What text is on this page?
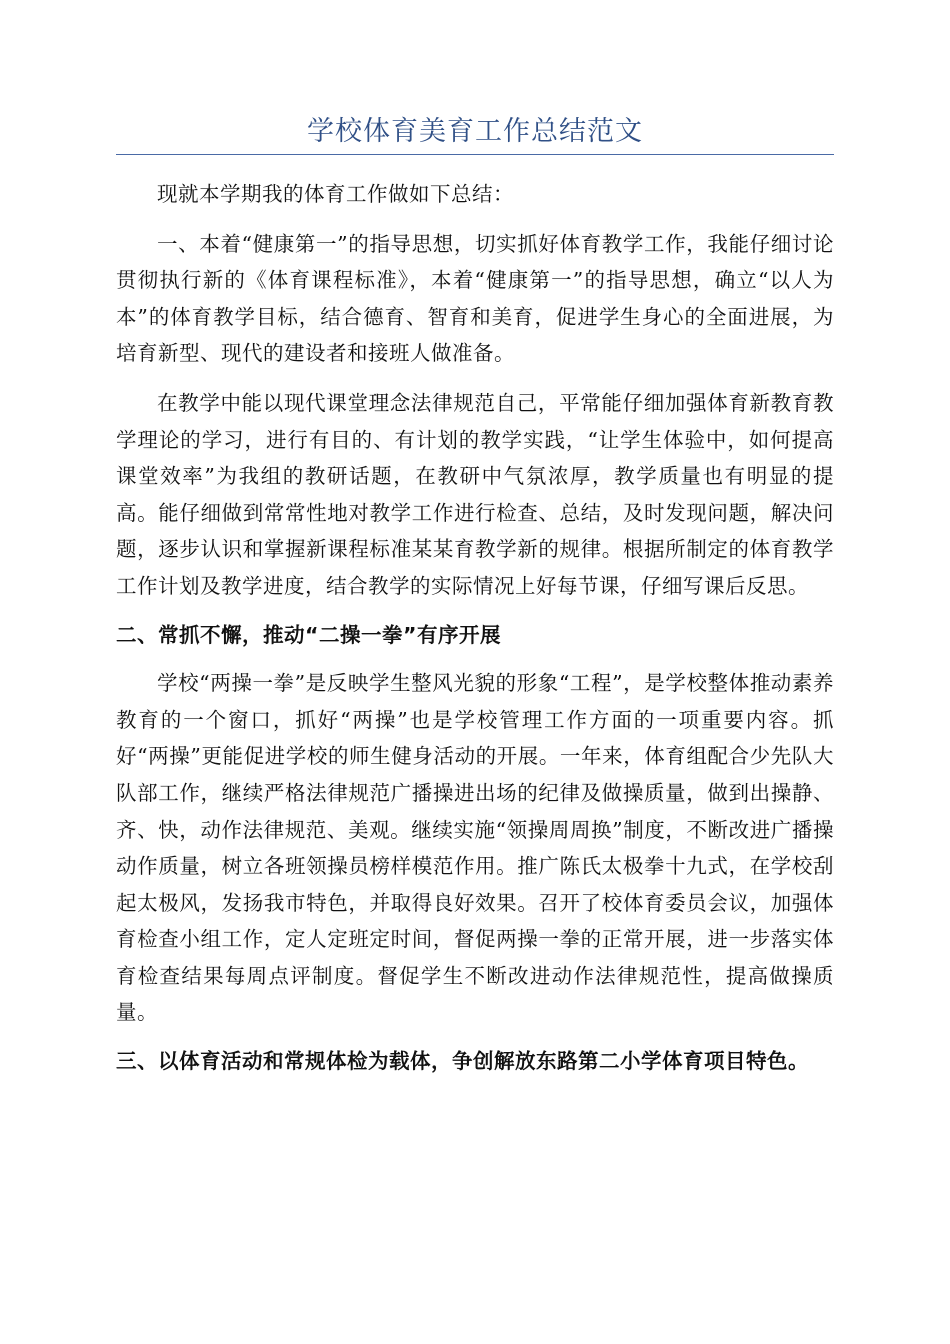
学校体育美育工作总结范文

现就本学期我的体育工作做如下总结：

一、本着“健康第一”的指导思想，切实抓好体育教学工作，我能仔细讨论贯彻执行新的《体育课程标准》，本着“健康第一”的指导思想，确立“以人为本”的体育教学目标，结合德育、智育和美育，促进学生身心的全面进展，为培育新型、现代的建设者和接班人做准备。

在教学中能以现代课堂理念法律规范自己，平常能仔细加强体育新教育教学理论的学习，进行有目的、有计划的教学实践，“让学生体验中，如何提高课堂效率”为我组的教研话题，在教研中气氛浓厚，教学质量也有明显的提高。能仔细做到常常性地对教学工作进行检查、总结，及时发现问题，解决问题，逐步认识和掌握新课程标准某某育教学新的规律。根据所制定的体育教学工作计划及教学进度，结合教学的实际情况上好每节课，仔细写课后反思。

二、常抓不懈，推动“二操一拳”有序开展

学校“两操一拳”是反映学生整风光貌的形象“工程”，是学校整体推动素养教育的一个窗口，抓好“两操”也是学校管理工作方面的一项重要内容。抓好“两操”更能促进学校的师生健身活动的开展。一年来，体育组配合少先队大队部工作，继续严格法律规范广播操进出场的纪律及做操质量，做到出操静、齐、快，动作法律规范、美观。继续实施“领操周周换”制度，不断改进广播操动作质量，树立各班领操员榜样模范作用。推广陈氏太极拳十九式，在学校刮起太极风，发扬我市特色，并取得良好效果。召开了校体育委员会议，加强体育检查小组工作，定人定班定时间，督促两操一拳的正常开展，进一步落实体育检查结果每周点评制度。督促学生不断改进动作法律规范性，提高做操质量。

三、以体育活动和常规体检为载体，争创解放东路第二小学体育项目特色。
